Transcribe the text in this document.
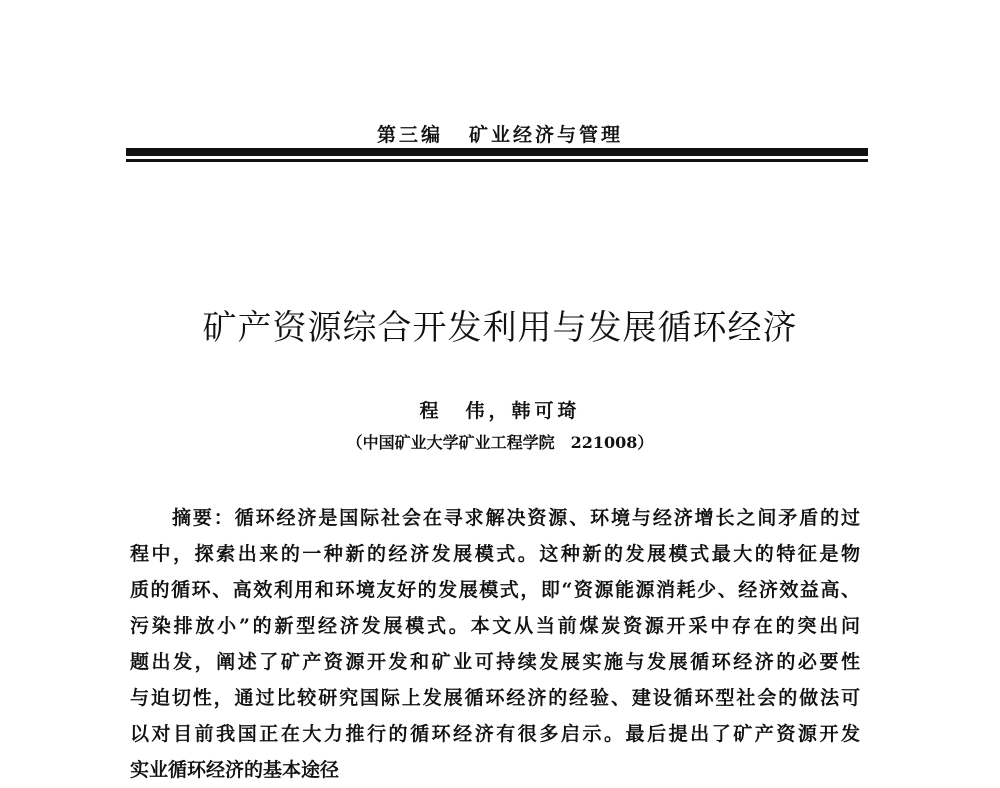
第三编 矿业经济与管理
矿产资源综合开发利用与发展循环经济
程　伟，韩可琦
（中国矿业大学矿业工程学院　221008）
摘要：循环经济是国际社会在寻求解决资源、环境与经济增长之间矛盾的过
程中，探索出来的一种新的经济发展模式。这种新的发展模式最大的特征是物
质的循环、高效利用和环境友好的发展模式，即“资源能源消耗少、经济效益高、
污染排放小”的新型经济发展模式。本文从当前煤炭资源开采中存在的突出问
题出发，阐述了矿产资源开发和矿业可持续发展实施与发展循环经济的必要性
与迫切性，通过比较研究国际上发展循环经济的经验、建设循环型社会的做法可
以对目前我国正在大力推行的循环经济有很多启示。最后提出了矿产资源开发
实业循环经济的基本途径
